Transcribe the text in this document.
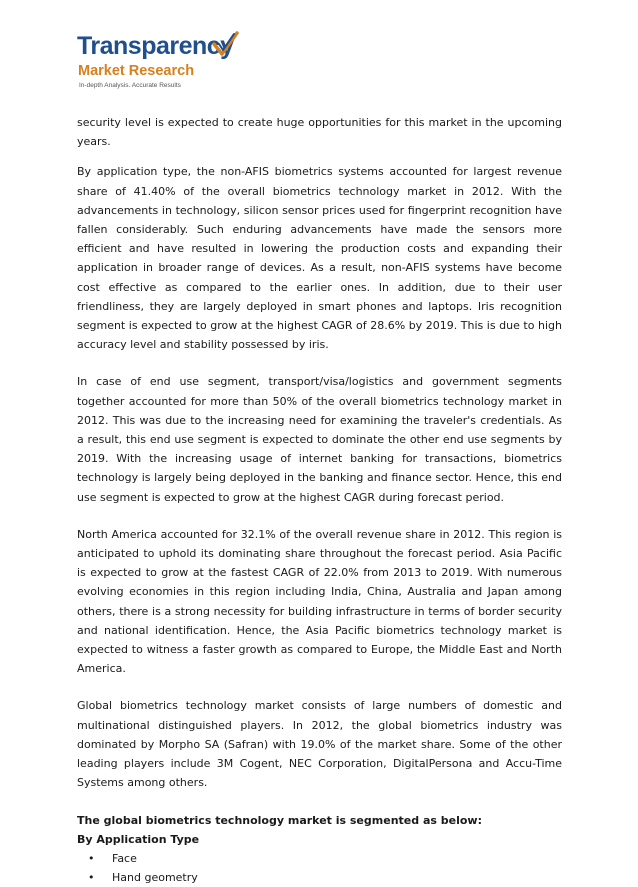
Transparency
Market Research
In-depth Analysis. Accurate Results

security level is expected to create huge opportunities for this market in the upcoming years.

By application type, the non-AFIS biometrics systems accounted for largest revenue share of 41.40% of the overall biometrics technology market in 2012. With the advancements in technology, silicon sensor prices used for fingerprint recognition have fallen considerably. Such enduring advancements have made the sensors more efficient and have resulted in lowering the production costs and expanding their application in broader range of devices. As a result, non-AFIS systems have become cost effective as compared to the earlier ones. In addition, due to their user friendliness, they are largely deployed in smart phones and laptops. Iris recognition segment is expected to grow at the highest CAGR of 28.6% by 2019. This is due to high accuracy level and stability possessed by iris.

In case of end use segment, transport/visa/logistics and government segments together accounted for more than 50% of the overall biometrics technology market in 2012. This was due to the increasing need for examining the traveler's credentials. As a result, this end use segment is expected to dominate the other end use segments by 2019. With the increasing usage of internet banking for transactions, biometrics technology is largely being deployed in the banking and finance sector. Hence, this end use segment is expected to grow at the highest CAGR during forecast period.

North America accounted for 32.1% of the overall revenue share in 2012. This region is anticipated to uphold its dominating share throughout the forecast period. Asia Pacific is expected to grow at the fastest CAGR of 22.0% from 2013 to 2019. With numerous evolving economies in this region including India, China, Australia and Japan among others, there is a strong necessity for building infrastructure in terms of border security and national identification. Hence, the Asia Pacific biometrics technology market is expected to witness a faster growth as compared to Europe, the Middle East and North America.

Global biometrics technology market consists of large numbers of domestic and multinational distinguished players. In 2012, the global biometrics industry was dominated by Morpho SA (Safran) with 19.0% of the market share. Some of the other leading players include 3M Cogent, NEC Corporation, DigitalPersona and Accu-Time Systems among others.

The global biometrics technology market is segmented as below:
By Application Type
• Face
• Hand geometry
